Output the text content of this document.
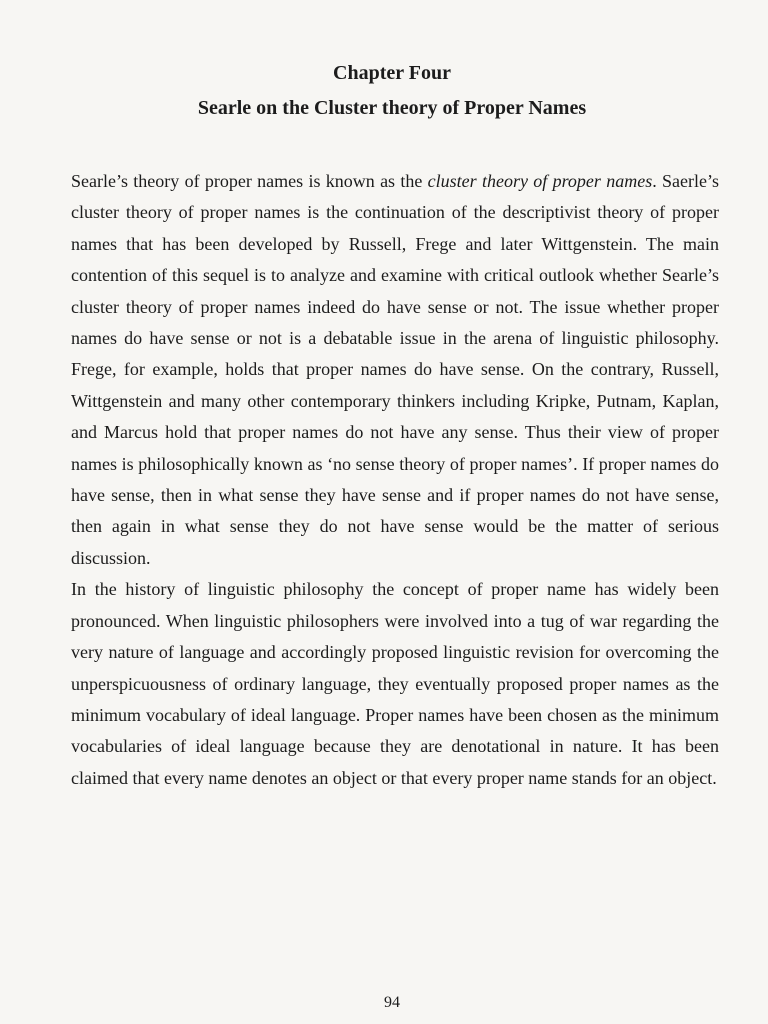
Chapter Four
Searle on the Cluster theory of Proper Names

Searle’s theory of proper names is known as the cluster theory of proper names. Saerle’s cluster theory of proper names is the continuation of the descriptivist theory of proper names that has been developed by Russell, Frege and later Wittgenstein. The main contention of this sequel is to analyze and examine with critical outlook whether Searle’s cluster theory of proper names indeed do have sense or not. The issue whether proper names do have sense or not is a debatable issue in the arena of linguistic philosophy. Frege, for example, holds that proper names do have sense. On the contrary, Russell, Wittgenstein and many other contemporary thinkers including Kripke, Putnam, Kaplan, and Marcus hold that proper names do not have any sense. Thus their view of proper names is philosophically known as ‘no sense theory of proper names’. If proper names do have sense, then in what sense they have sense and if proper names do not have sense, then again in what sense they do not have sense would be the matter of serious discussion.

In the history of linguistic philosophy the concept of proper name has widely been pronounced. When linguistic philosophers were involved into a tug of war regarding the very nature of language and accordingly proposed linguistic revision for overcoming the unperspicuousness of ordinary language, they eventually proposed proper names as the minimum vocabulary of ideal language. Proper names have been chosen as the minimum vocabularies of ideal language because they are denotational in nature. It has been claimed that every name denotes an object or that every proper name stands for an object.

94
